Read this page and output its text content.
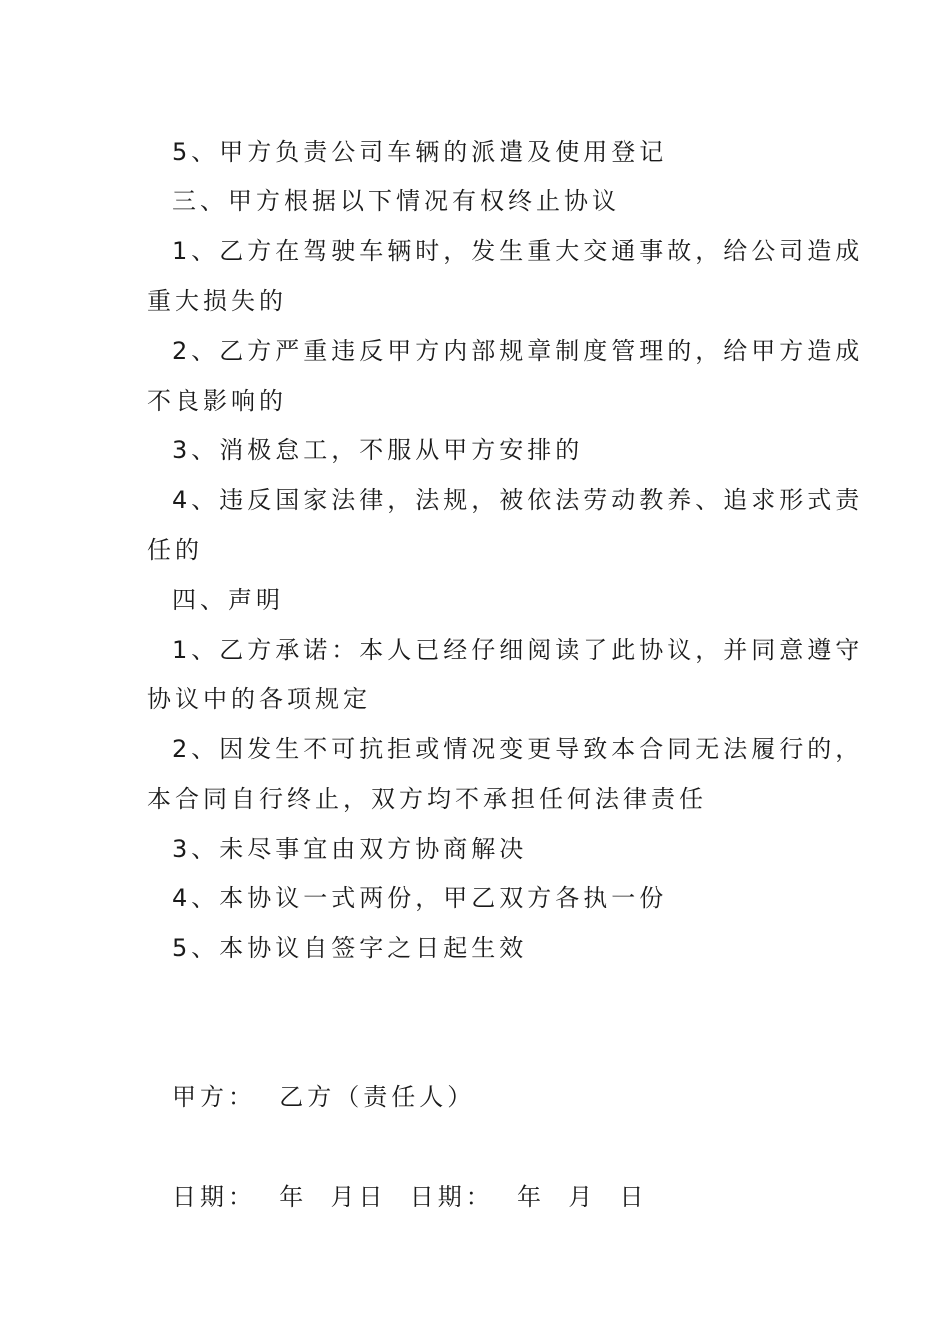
5、甲方负责公司车辆的派遣及使用登记
三、甲方根据以下情况有权终止协议
1、乙方在驾驶车辆时，发生重大交通事故，给公司造成
重大损失的
2、乙方严重违反甲方内部规章制度管理的，给甲方造成
不良影响的
3、消极怠工，不服从甲方安排的
4、违反国家法律，法规，被依法劳动教养、追求形式责
任的
四、声明
1、乙方承诺：本人已经仔细阅读了此协议，并同意遵守
协议中的各项规定
2、因发生不可抗拒或情况变更导致本合同无法履行的，
本合同自行终止，双方均不承担任何法律责任
3、未尽事宜由双方协商解决
4、本协议一式两份，甲乙双方各执一份
5、本协议自签字之日起生效
甲方：  乙方（责任人）
日期：  年  月日  日期：  年  月  日
